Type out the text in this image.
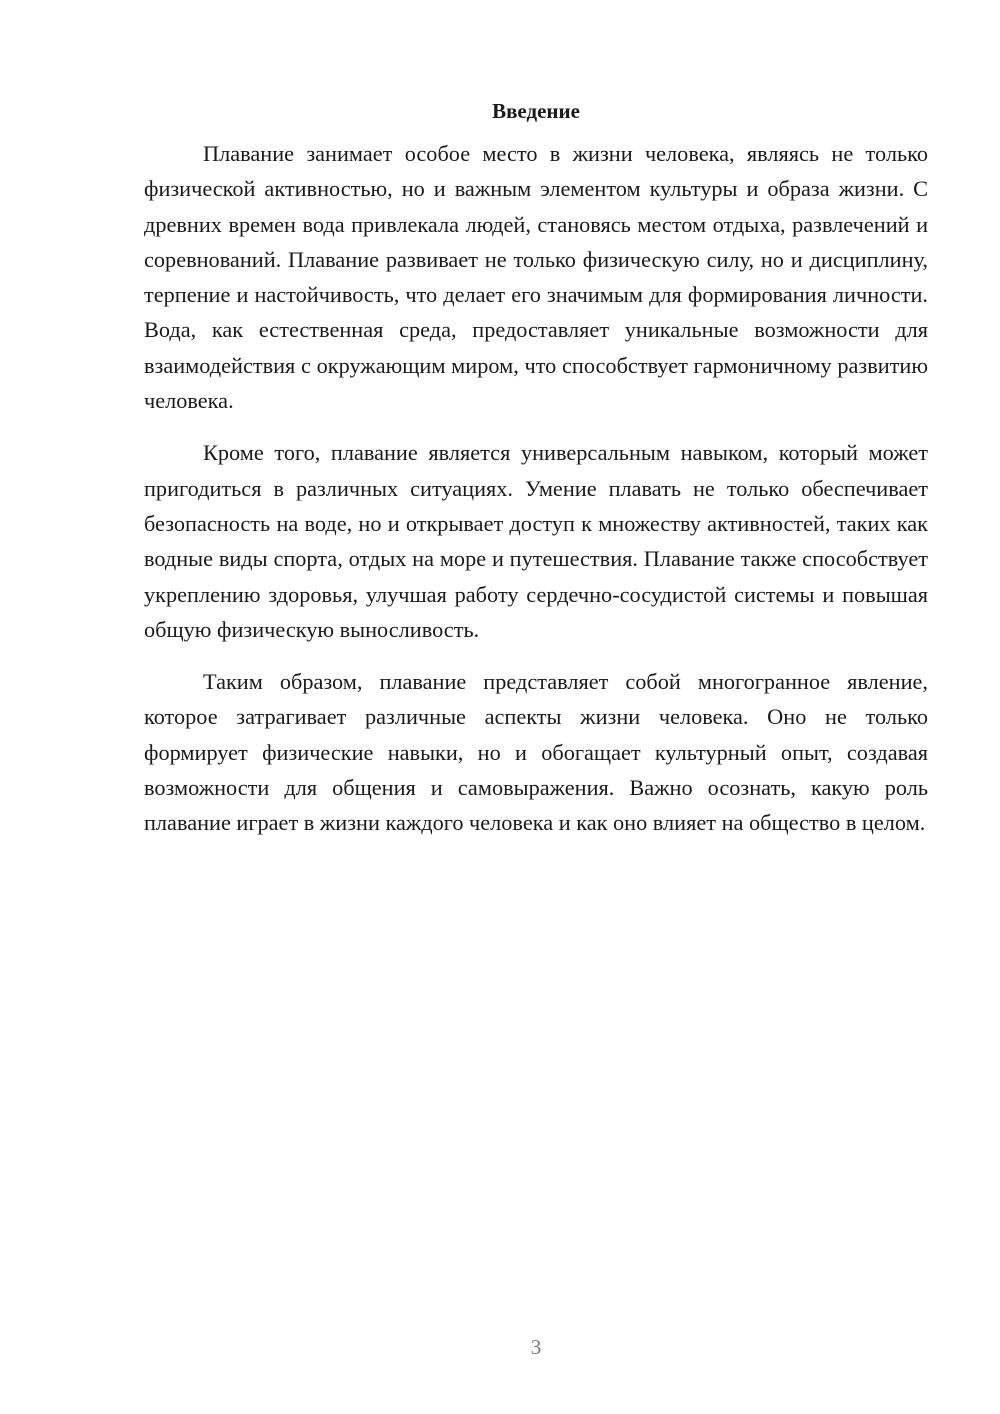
Введение

Плавание занимает особое место в жизни человека, являясь не только физической активностью, но и важным элементом культуры и образа жизни. С древних времен вода привлекала людей, становясь местом отдыха, развлечений и соревнований. Плавание развивает не только физическую силу, но и дисциплину, терпение и настойчивость, что делает его значимым для формирования личности. Вода, как естественная среда, предоставляет уникальные возможности для взаимодействия с окружающим миром, что способствует гармоничному развитию человека.

Кроме того, плавание является универсальным навыком, который может пригодиться в различных ситуациях. Умение плавать не только обеспечивает безопасность на воде, но и открывает доступ к множеству активностей, таких как водные виды спорта, отдых на море и путешествия. Плавание также способствует укреплению здоровья, улучшая работу сердечно-сосудистой системы и повышая общую физическую выносливость.

Таким образом, плавание представляет собой многогранное явление, которое затрагивает различные аспекты жизни человека. Оно не только формирует физические навыки, но и обогащает культурный опыт, создавая возможности для общения и самовыражения. Важно осознать, какую роль плавание играет в жизни каждого человека и как оно влияет на общество в целом.

3
